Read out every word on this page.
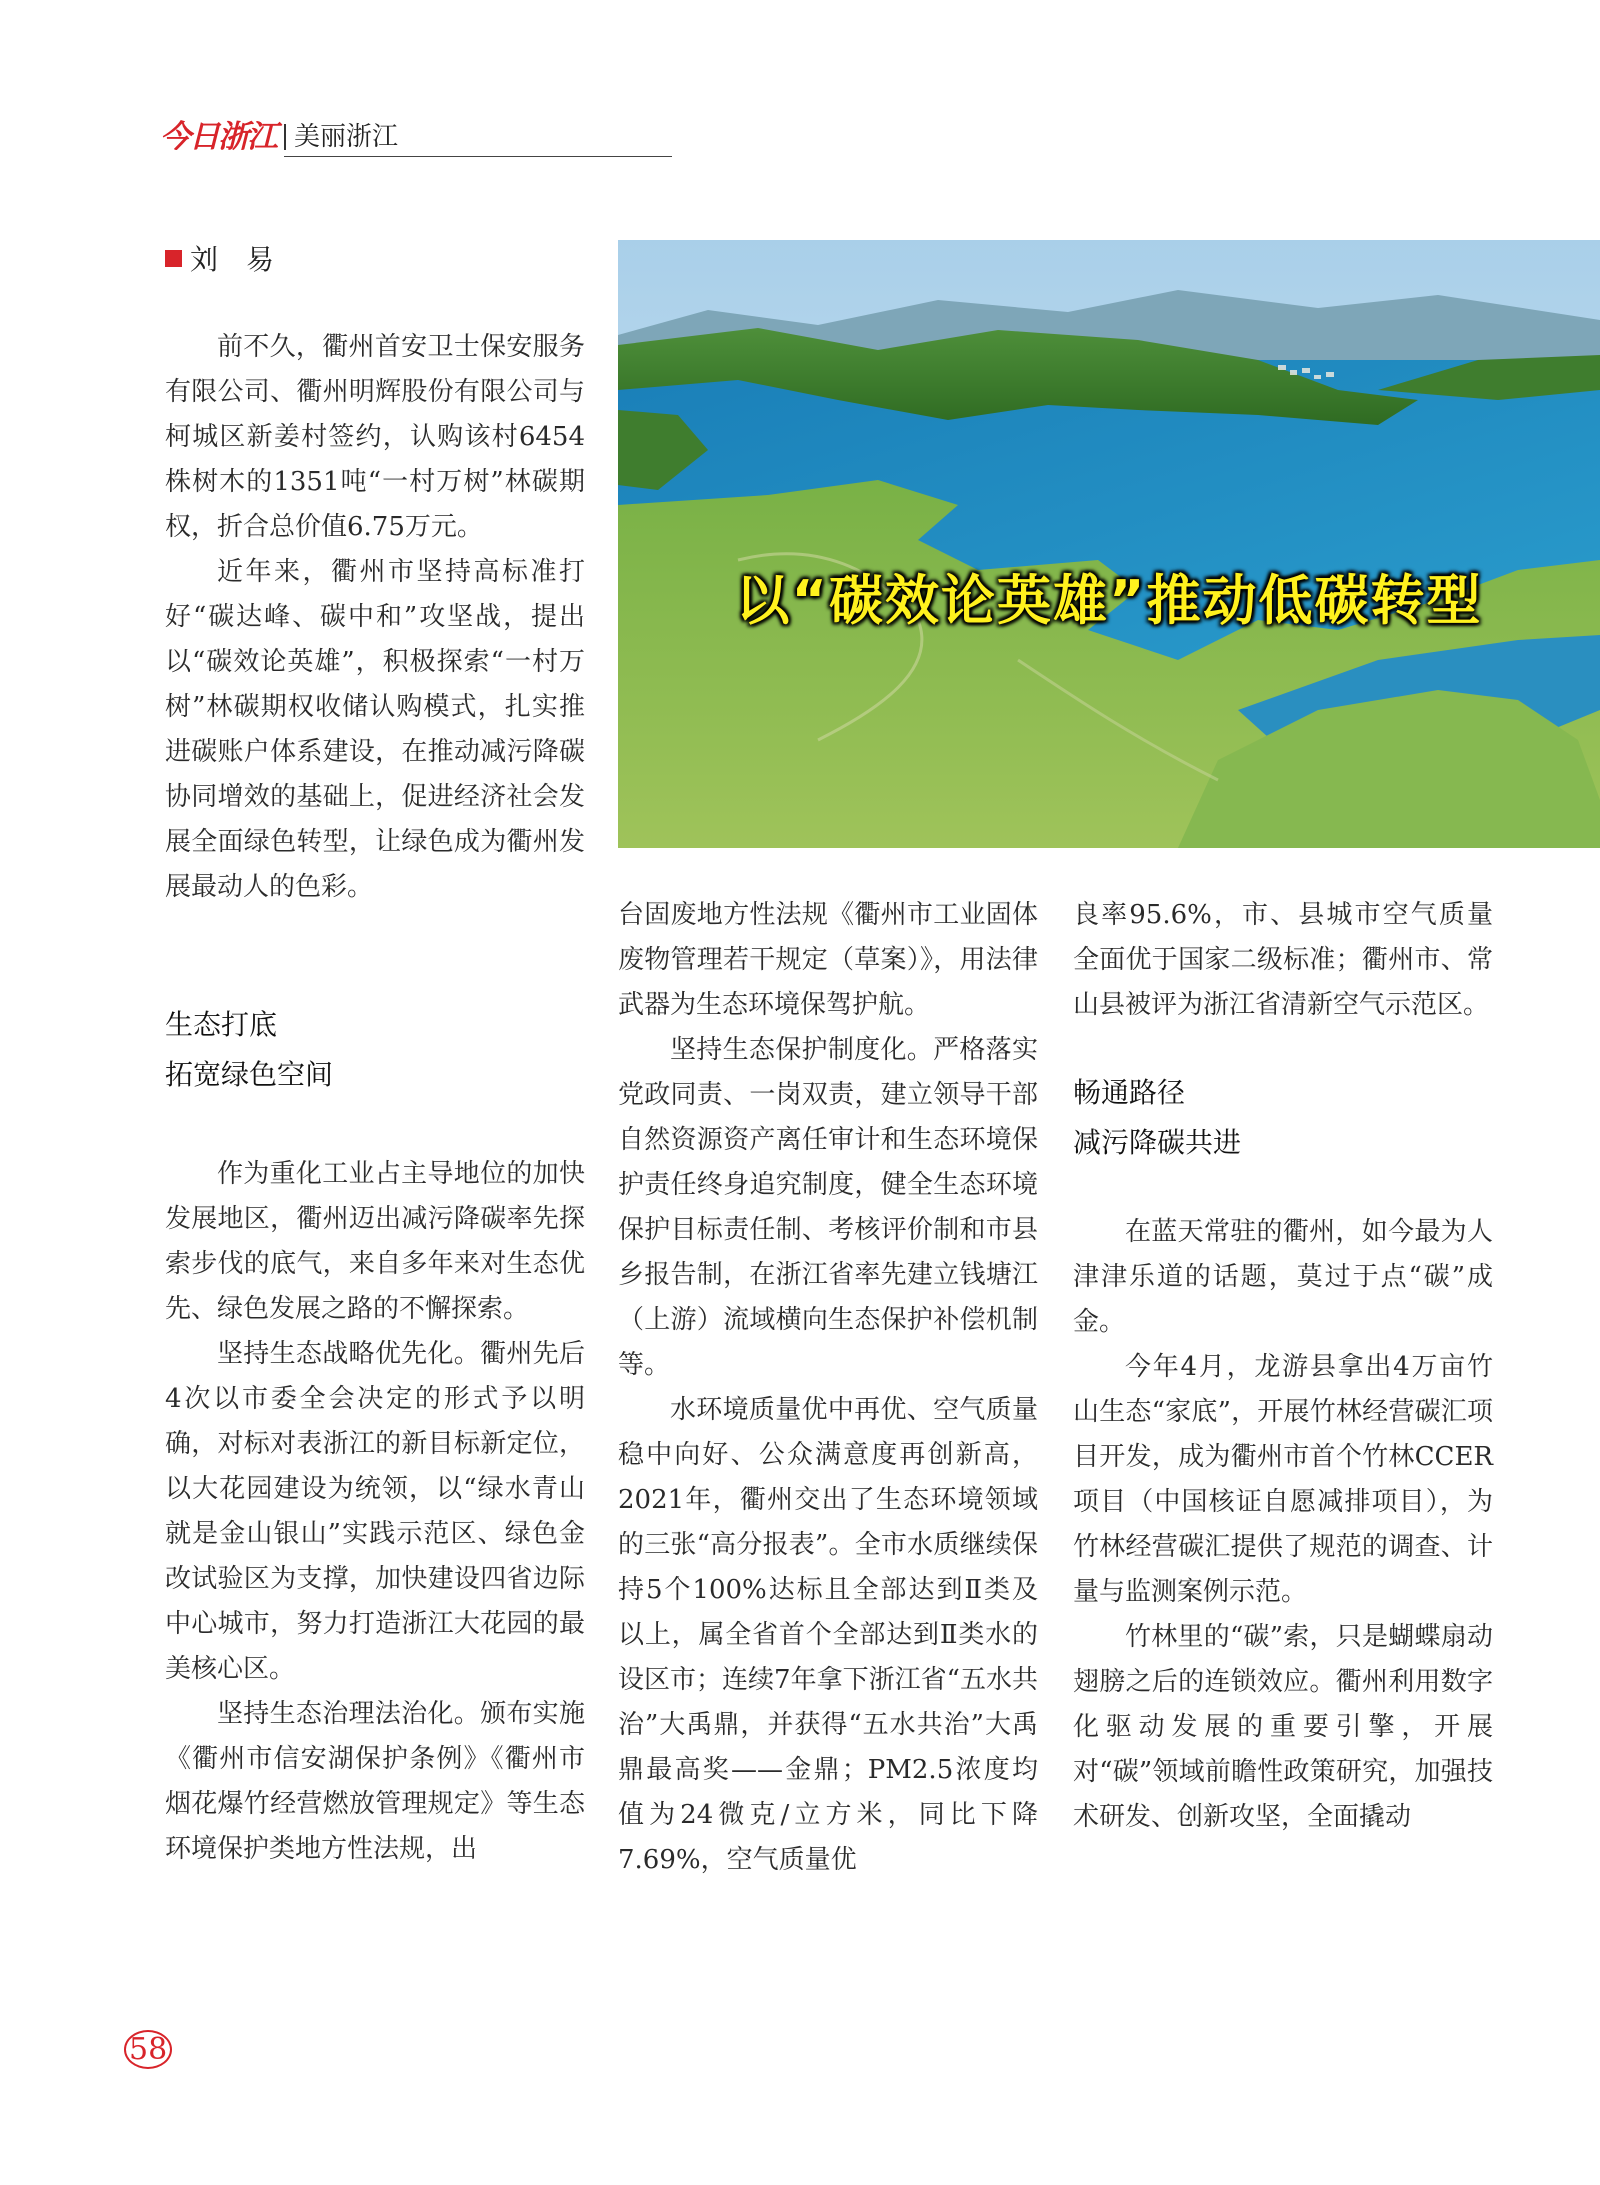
今日浙江 美丽浙江
刘　易
以“碳效论英雄”推动低碳转型

前不久，衢州首安卫士保安服务有限公司、衢州明辉股份有限公司与柯城区新姜村签约，认购该村6454株树木的1351吨“一村万树”林碳期权，折合总价值6.75万元。

近年来，衢州市坚持高标准打好“碳达峰、碳中和”攻坚战，提出以“碳效论英雄”，积极探索“一村万树”林碳期权收储认购模式，扎实推进碳账户体系建设，在推动减污降碳协同增效的基础上，促进经济社会发展全面绿色转型，让绿色成为衢州发展最动人的色彩。

生态打底
拓宽绿色空间

作为重化工业占主导地位的加快发展地区，衢州迈出减污降碳率先探索步伐的底气，来自多年来对生态优先、绿色发展之路的不懈探索。

坚持生态战略优先化。衢州先后4次以市委全会决定的形式予以明确，对标对表浙江的新目标新定位，以大花园建设为统领，以“绿水青山就是金山银山”实践示范区、绿色金改试验区为支撑，加快建设四省边际中心城市，努力打造浙江大花园的最美核心区。

坚持生态治理法治化。颁布实施《衢州市信安湖保护条例》《衢州市烟花爆竹经营燃放管理规定》等生态环境保护类地方性法规，出

台固废地方性法规《衢州市工业固体废物管理若干规定（草案）》，用法律武器为生态环境保驾护航。

坚持生态保护制度化。严格落实党政同责、一岗双责，建立领导干部自然资源资产离任审计和生态环境保护责任终身追究制度，健全生态环境保护目标责任制、考核评价制和市县乡报告制，在浙江省率先建立钱塘江（上游）流域横向生态保护补偿机制等。

水环境质量优中再优、空气质量稳中向好、公众满意度再创新高，2021年，衢州交出了生态环境领域的三张“高分报表”。全市水质继续保持5个100%达标且全部达到Ⅱ类及以上，属全省首个全部达到Ⅱ类水的设区市；连续7年拿下浙江省“五水共治”大禹鼎，并获得“五水共治”大禹鼎最高奖——金鼎；PM2.5浓度均值为24微克/立方米，同比下降7.69%，空气质量优

良率95.6%，市、县城市空气质量全面优于国家二级标准；衢州市、常山县被评为浙江省清新空气示范区。

畅通路径
减污降碳共进

在蓝天常驻的衢州，如今最为人津津乐道的话题，莫过于点“碳”成金。

今年4月，龙游县拿出4万亩竹山生态“家底”，开展竹林经营碳汇项目开发，成为衢州市首个竹林CCER项目（中国核证自愿减排项目），为竹林经营碳汇提供了规范的调查、计量与监测案例示范。

竹林里的“碳”索，只是蝴蝶扇动翅膀之后的连锁效应。衢州利用数字化驱动发展的重要引擎，开展对“碳”领域前瞻性政策研究，加强技术研发、创新攻坚，全面撬动

58
